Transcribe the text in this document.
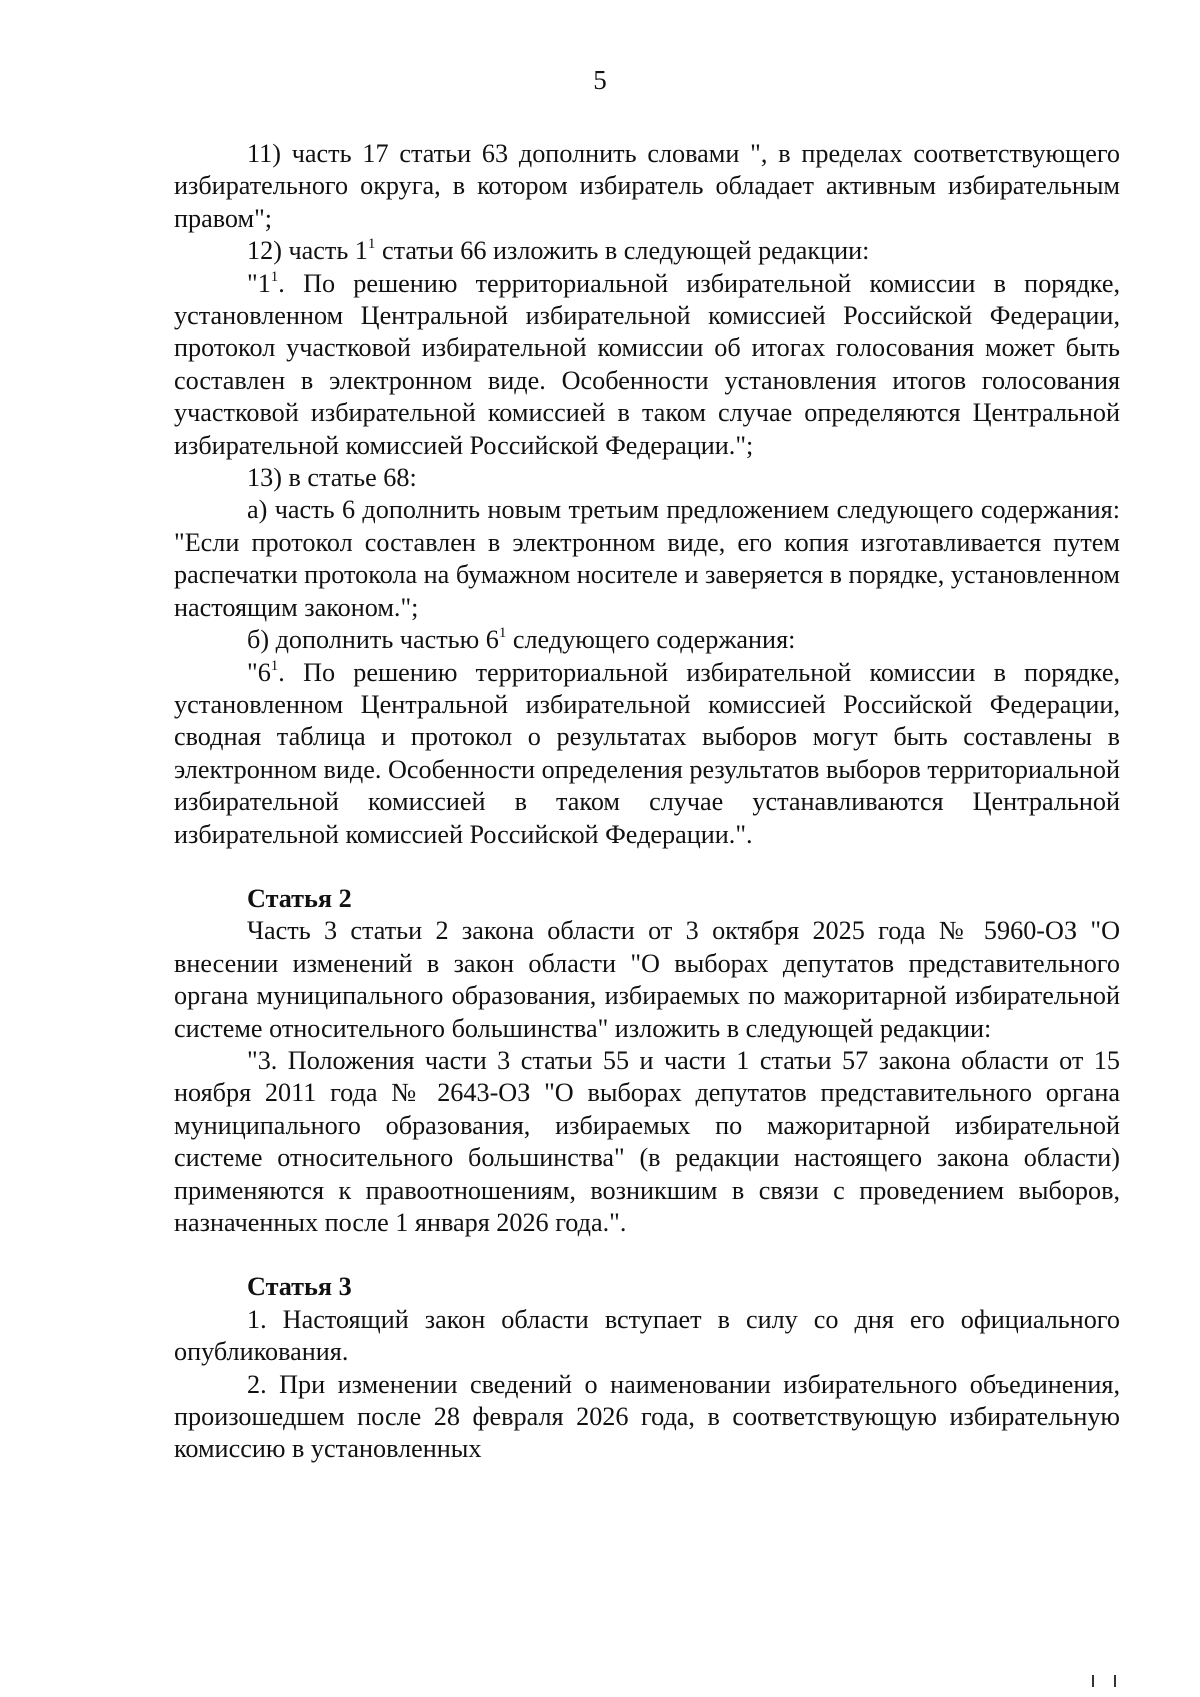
5

11) часть 17 статьи 63 дополнить словами ", в пределах соответствующего избирательного округа, в котором избиратель обладает активным избирательным правом";

12) часть $1^1$ статьи 66 изложить в следующей редакции:

"$1^1$. По решению территориальной избирательной комиссии в порядке, установленном Центральной избирательной комиссией Российской Федерации, протокол участковой избирательной комиссии об итогах голосования может быть составлен в электронном виде. Особенности установления итогов голосования участковой избирательной комиссией в таком случае определяются Центральной избирательной комиссией Российской Федерации.";

13) в статье 68:

а) часть 6 дополнить новым третьим предложением следующего содержания: "Если протокол составлен в электронном виде, его копия изготавливается путем распечатки протокола на бумажном носителе и заверяется в порядке, установленном настоящим законом.";

б) дополнить частью $6^1$ следующего содержания:

"$6^1$. По решению территориальной избирательной комиссии в порядке, установленном Центральной избирательной комиссией Российской Федерации, сводная таблица и протокол о результатах выборов могут быть составлены в электронном виде. Особенности определения результатов выборов территориальной избирательной комиссией в таком случае устанавливаются Центральной избирательной комиссией Российской Федерации.".

Статья 2

Часть 3 статьи 2 закона области от 3 октября 2025 года № 5960-ОЗ "О внесении изменений в закон области "О выборах депутатов представительного органа муниципального образования, избираемых по мажоритарной избирательной системе относительного большинства" изложить в следующей редакции:

"3. Положения части 3 статьи 55 и части 1 статьи 57 закона области от 15 ноября 2011 года № 2643-ОЗ "О выборах депутатов представительного органа муниципального образования, избираемых по мажоритарной избирательной системе относительного большинства" (в редакции настоящего закона области) применяются к правоотношениям, возникшим в связи с проведением выборов, назначенных после 1 января 2026 года.".

Статья 3

1. Настоящий закон области вступает в силу со дня его официального опубликования.

2. При изменении сведений о наименовании избирательного объединения, произошедшем после 28 февраля 2026 года, в соответствующую избирательную комиссию в установленных
